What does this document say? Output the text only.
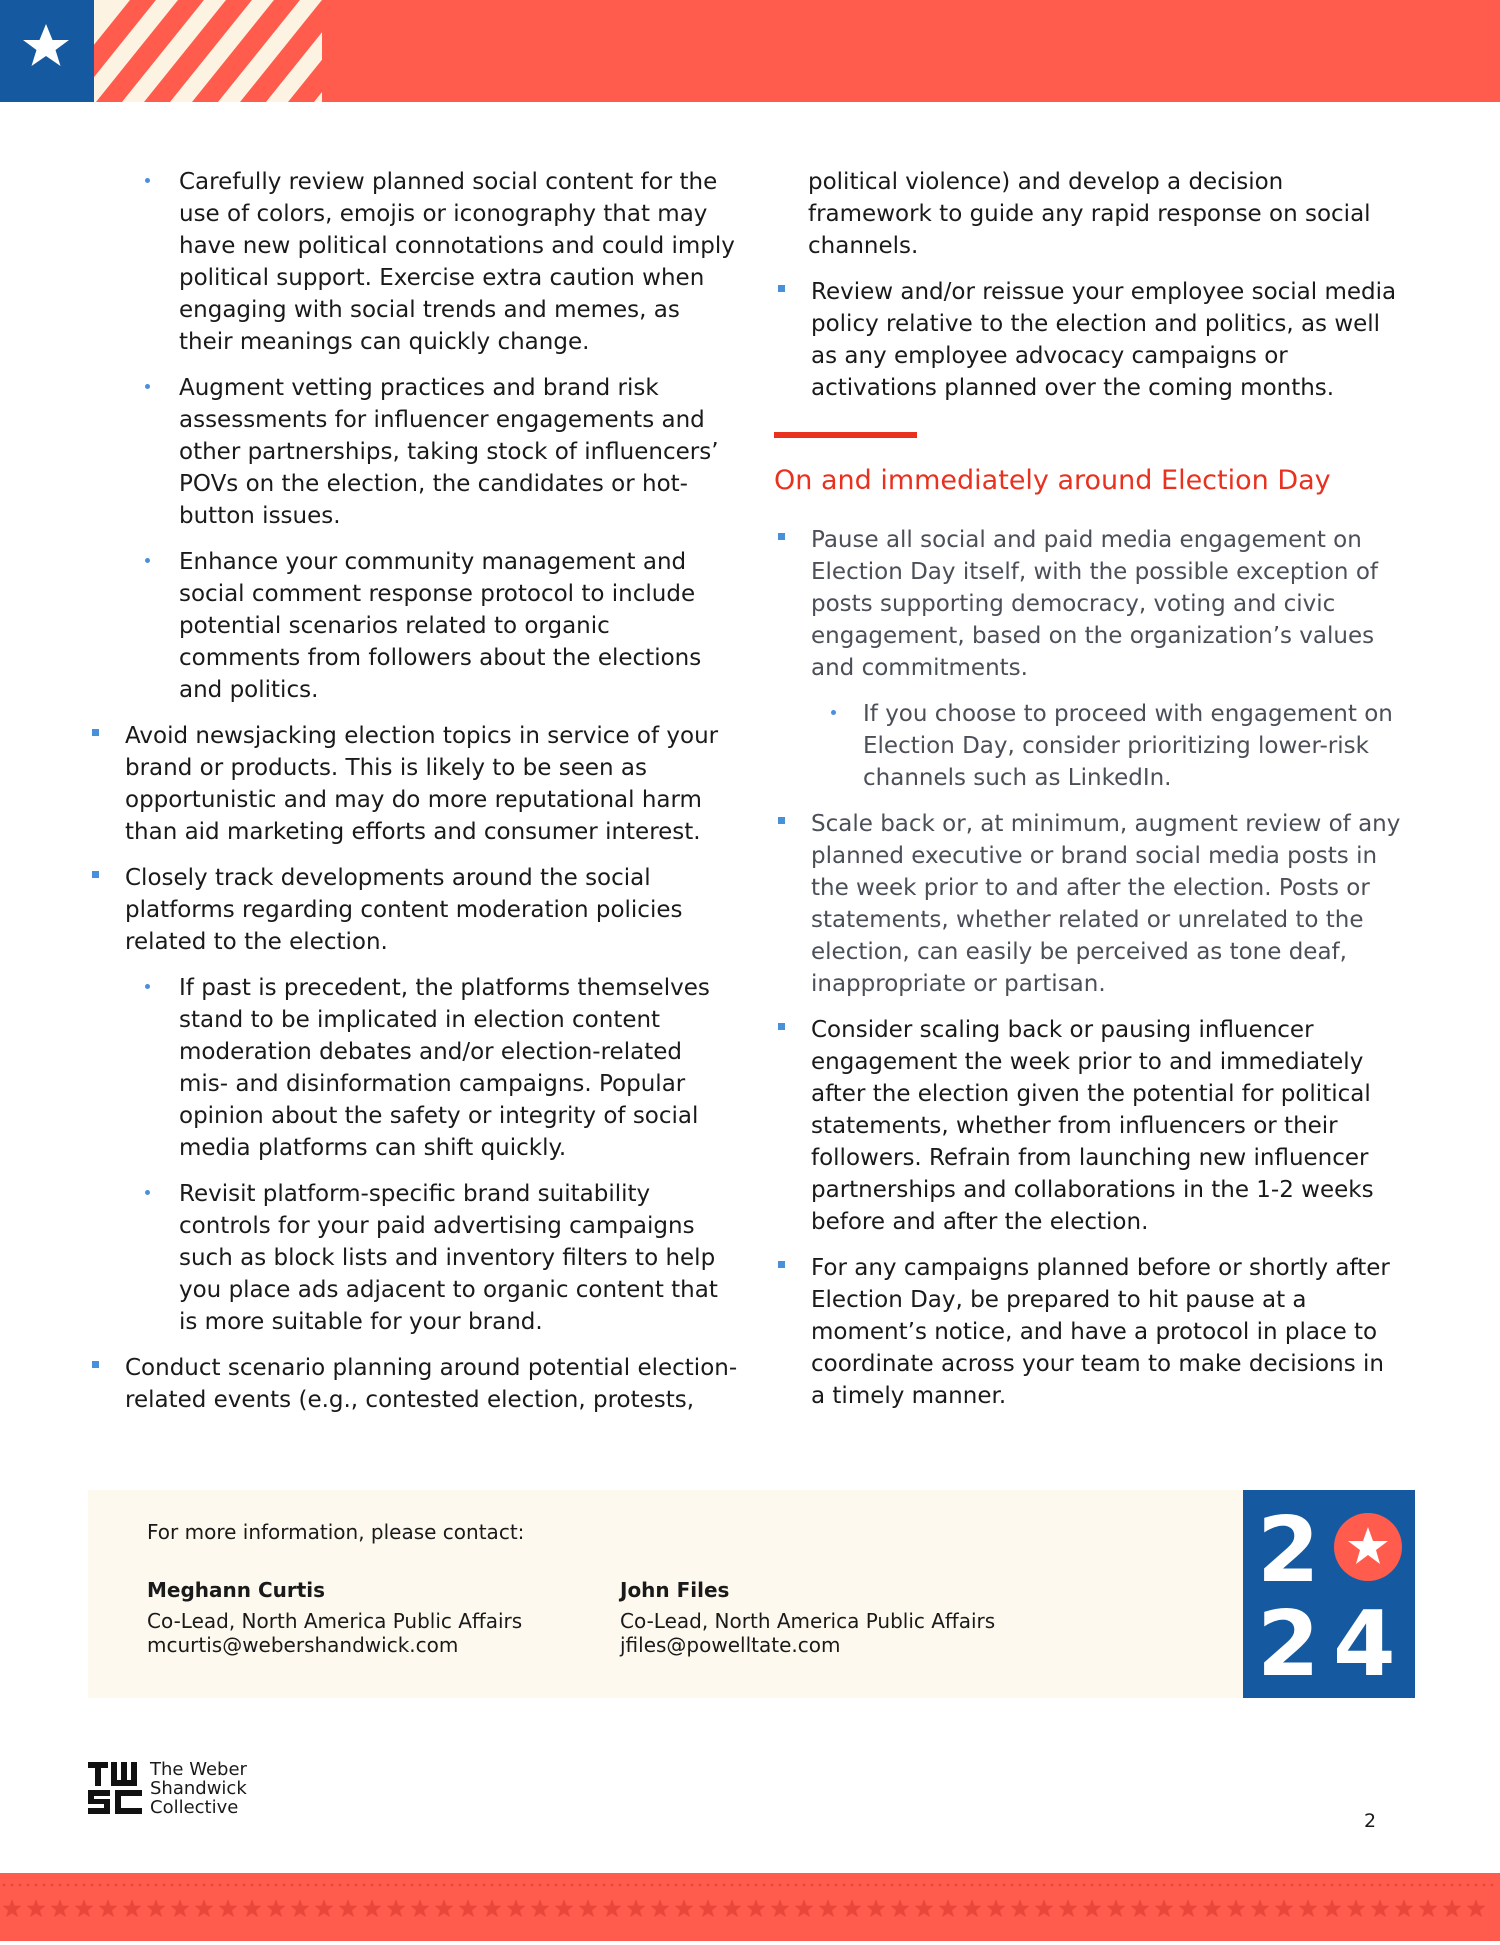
Carefully review planned social content for the use of colors, emojis or iconography that may have new political connotations and could imply political support. Exercise extra caution when engaging with social trends and memes, as their meanings can quickly change.
Augment vetting practices and brand risk assessments for influencer engagements and other partnerships, taking stock of influencers’ POVs on the election, the candidates or hot-button issues.
Enhance your community management and social comment response protocol to include potential scenarios related to organic comments from followers about the elections and politics.
Avoid newsjacking election topics in service of your brand or products. This is likely to be seen as opportunistic and may do more reputational harm than aid marketing efforts and consumer interest.
Closely track developments around the social platforms regarding content moderation policies related to the election.
If past is precedent, the platforms themselves stand to be implicated in election content moderation debates and/or election-related mis- and disinformation campaigns. Popular opinion about the safety or integrity of social media platforms can shift quickly.
Revisit platform-specific brand suitability controls for your paid advertising campaigns such as block lists and inventory filters to help you place ads adjacent to organic content that is more suitable for your brand.
Conduct scenario planning around potential election-related events (e.g., contested election, protests,
political violence) and develop a decision framework to guide any rapid response on social channels.
Review and/or reissue your employee social media policy relative to the election and politics, as well as any employee advocacy campaigns or activations planned over the coming months.
On and immediately around Election Day
Pause all social and paid media engagement on Election Day itself, with the possible exception of posts supporting democracy, voting and civic engagement, based on the organization’s values and commitments.
If you choose to proceed with engagement on Election Day, consider prioritizing lower-risk channels such as LinkedIn.
Scale back or, at minimum, augment review of any planned executive or brand social media posts in the week prior to and after the election. Posts or statements, whether related or unrelated to the election, can easily be perceived as tone deaf, inappropriate or partisan.
Consider scaling back or pausing influencer engagement the week prior to and immediately after the election given the potential for political statements, whether from influencers or their followers. Refrain from launching new influencer partnerships and collaborations in the 1-2 weeks before and after the election.
For any campaigns planned before or shortly after Election Day, be prepared to hit pause at a moment’s notice, and have a protocol in place to coordinate across your team to make decisions in a timely manner.
For more information, please contact:
Meghann Curtis
Co-Lead, North America Public Affairs
mcurtis@webershandwick.com
John Files
Co-Lead, North America Public Affairs
jfiles@powelltate.com
2
2 4
The Weber Shandwick Collective
2
